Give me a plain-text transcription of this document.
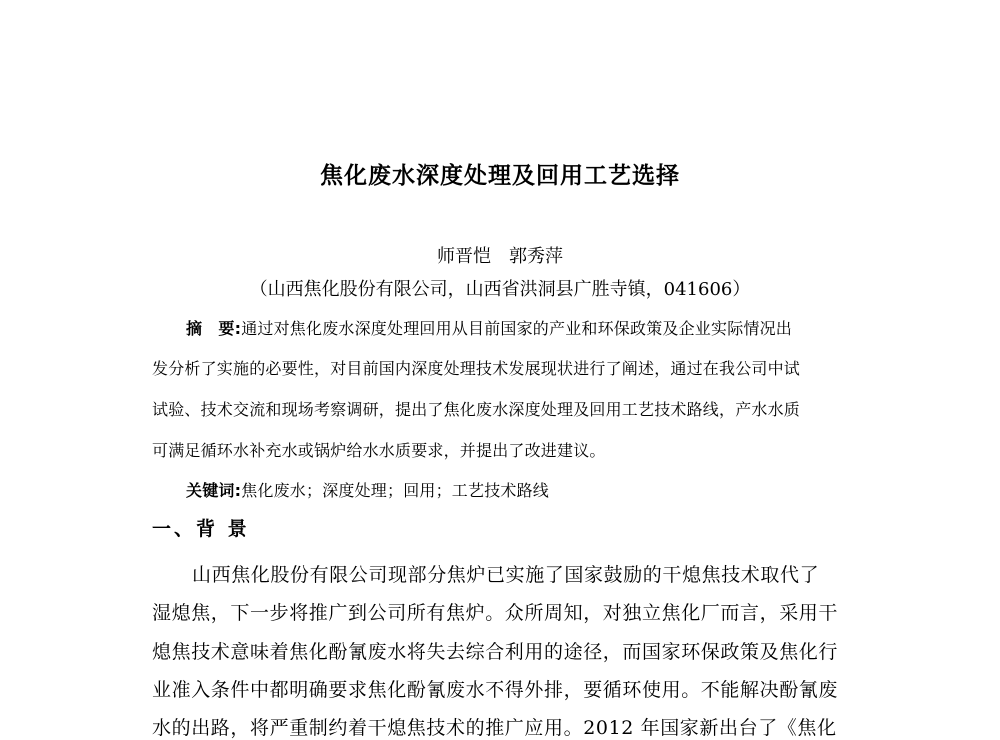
焦化废水深度处理及回用工艺选择
师晋恺　郭秀萍
（山西焦化股份有限公司，山西省洪洞县广胜寺镇，041606）
摘　要:通过对焦化废水深度处理回用从目前国家的产业和环保政策及企业实际情况出
发分析了实施的必要性，对目前国内深度处理技术发展现状进行了阐述，通过在我公司中试
试验、技术交流和现场考察调研，提出了焦化废水深度处理及回用工艺技术路线，产水水质
可满足循环水补充水或锅炉给水水质要求，并提出了改进建议。
关键词:焦化废水；深度处理；回用；工艺技术路线
一、背 景
山西焦化股份有限公司现部分焦炉已实施了国家鼓励的干熄焦技术取代了
湿熄焦，下一步将推广到公司所有焦炉。众所周知，对独立焦化厂而言，采用干
熄焦技术意味着焦化酚氰废水将失去综合利用的途径，而国家环保政策及焦化行
业准入条件中都明确要求焦化酚氰废水不得外排，要循环使用。不能解决酚氰废
水的出路，将严重制约着干熄焦技术的推广应用。2012 年国家新出台了《焦化
